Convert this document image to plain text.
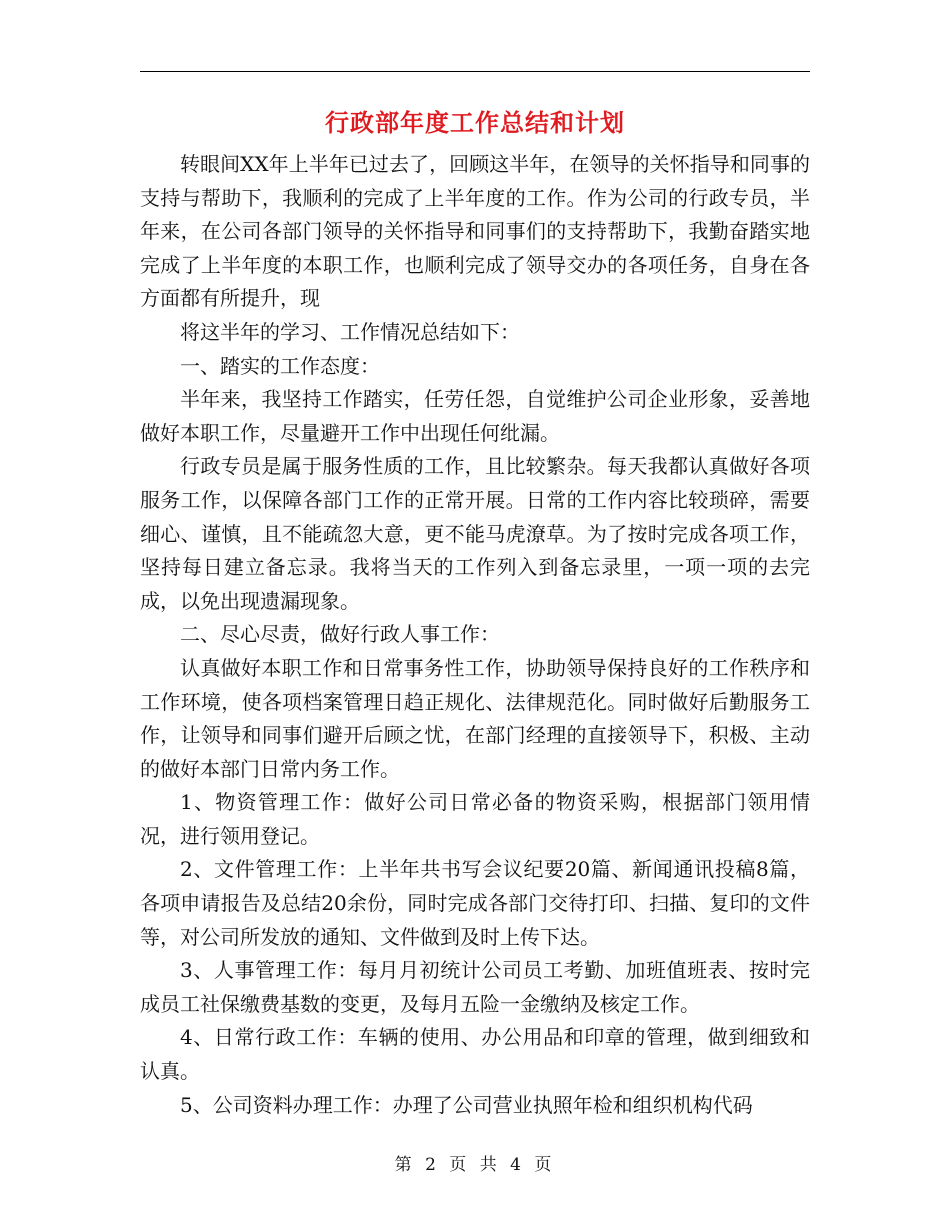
行政部年度工作总结和计划

转眼间XX年上半年已过去了，回顾这半年，在领导的关怀指导和同事的支持与帮助下，我顺利的完成了上半年度的工作。作为公司的行政专员，半年来，在公司各部门领导的关怀指导和同事们的支持帮助下，我勤奋踏实地完成了上半年度的本职工作，也顺利完成了领导交办的各项任务，自身在各方面都有所提升，现

将这半年的学习、工作情况总结如下：

一、踏实的工作态度：

半年来，我坚持工作踏实，任劳任怨，自觉维护公司企业形象，妥善地做好本职工作，尽量避开工作中出现任何纰漏。

行政专员是属于服务性质的工作，且比较繁杂。每天我都认真做好各项服务工作，以保障各部门工作的正常开展。日常的工作内容比较琐碎，需要细心、谨慎，且不能疏忽大意，更不能马虎潦草。为了按时完成各项工作，坚持每日建立备忘录。我将当天的工作列入到备忘录里，一项一项的去完成，以免出现遗漏现象。

二、尽心尽责，做好行政人事工作：

认真做好本职工作和日常事务性工作，协助领导保持良好的工作秩序和工作环境，使各项档案管理日趋正规化、法律规范化。同时做好后勤服务工作，让领导和同事们避开后顾之忧，在部门经理的直接领导下，积极、主动的做好本部门日常内务工作。

1、物资管理工作：做好公司日常必备的物资采购，根据部门领用情况，进行领用登记。

2、文件管理工作：上半年共书写会议纪要20篇、新闻通讯投稿8篇，各项申请报告及总结20余份，同时完成各部门交待打印、扫描、复印的文件等，对公司所发放的通知、文件做到及时上传下达。

3、人事管理工作：每月月初统计公司员工考勤、加班值班表、按时完成员工社保缴费基数的变更，及每月五险一金缴纳及核定工作。

4、日常行政工作：车辆的使用、办公用品和印章的管理，做到细致和认真。

5、公司资料办理工作：办理了公司营业执照年检和组织机构代码

第 2 页 共 4 页
